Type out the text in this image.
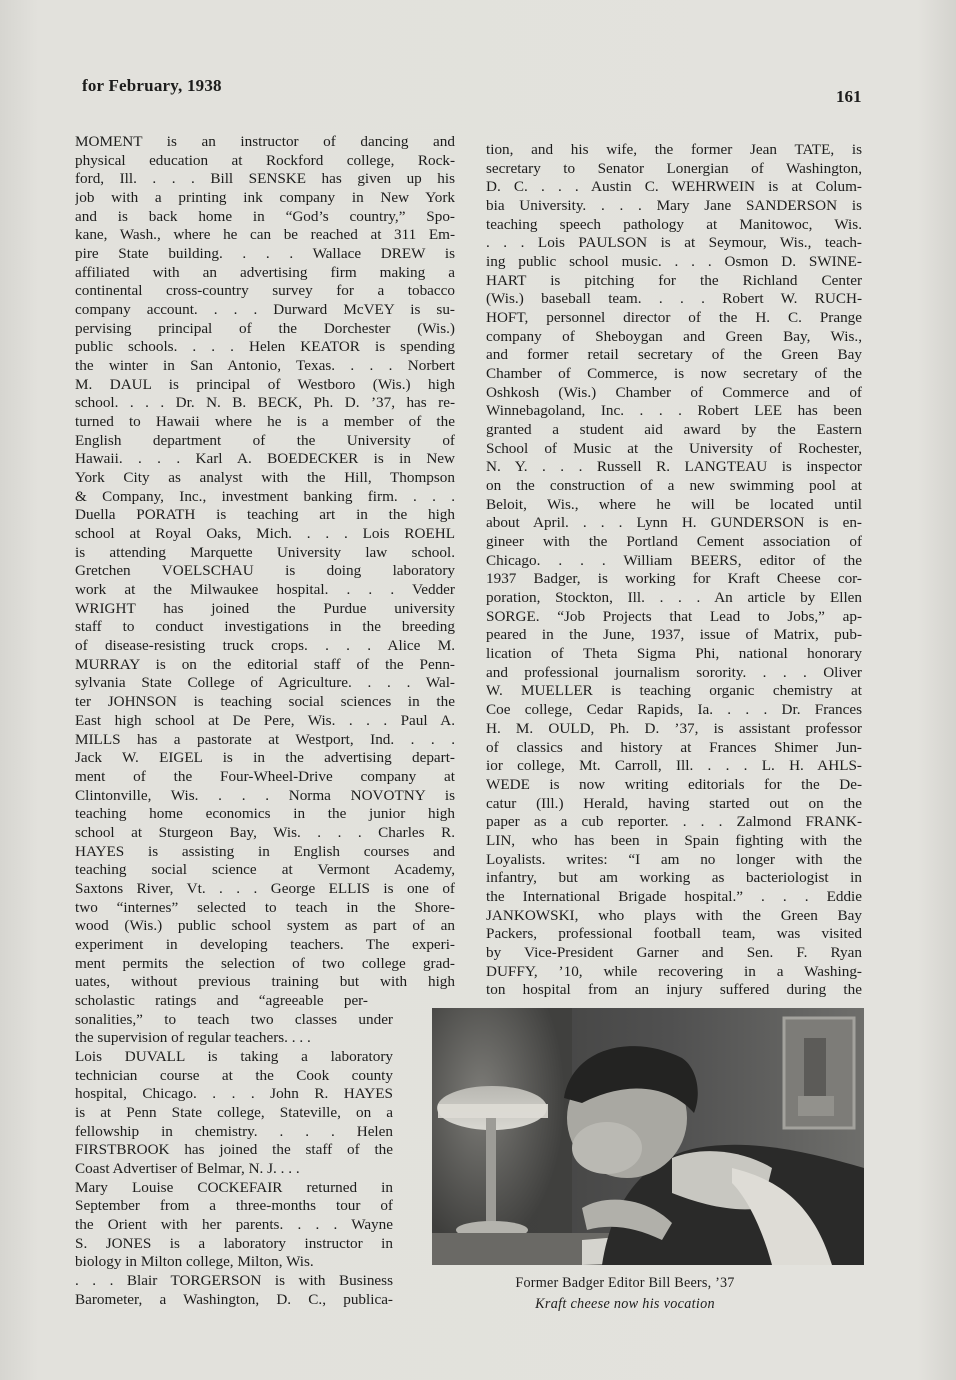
for February, 1938
161
MOMENT is an instructor of dancing and
physical education at Rockford college, Rock-
ford, Ill. . . . Bill SENSKE has given up his
job with a printing ink company in New York
and is back home in “God’s country,” Spo-
kane, Wash., where he can be reached at 311 Em-
pire State building. . . . Wallace DREW is
affiliated with an advertising firm making a
continental cross-country survey for a tobacco
company account. . . . Durward McVEY is su-
pervising principal of the Dorchester (Wis.)
public schools. . . . Helen KEATOR is spending
the winter in San Antonio, Texas. . . . Norbert
M. DAUL is principal of Westboro (Wis.) high
school. . . . Dr. N. B. BECK, Ph. D. ’37, has re-
turned to Hawaii where he is a member of the
English department of the University of
Hawaii. . . . Karl A. BOEDECKER is in New
York City as analyst with the Hill, Thompson
& Company, Inc., investment banking firm. . . .
Duella PORATH is teaching art in the high
school at Royal Oaks, Mich. . . . Lois ROEHL
is attending Marquette University law school.
Gretchen VOELSCHAU is doing laboratory
work at the Milwaukee hospital. . . . Vedder
WRIGHT has joined the Purdue university
staff to conduct investigations in the breeding
of disease-resisting truck crops. . . . Alice M.
MURRAY is on the editorial staff of the Penn-
sylvania State College of Agriculture. . . . Wal-
ter JOHNSON is teaching social sciences in the
East high school at De Pere, Wis. . . . Paul A.
MILLS has a pastorate at Westport, Ind. . . .
Jack W. EIGEL is in the advertising depart-
ment of the Four-Wheel-Drive company at
Clintonville, Wis. . . . Norma NOVOTNY is
teaching home economics in the junior high
school at Sturgeon Bay, Wis. . . . Charles R.
HAYES is assisting in English courses and
teaching social science at Vermont Academy,
Saxtons River, Vt. . . . George ELLIS is one of
two “internes” selected to teach in the Shore-
wood (Wis.) public school system as part of an
experiment in developing teachers. The experi-
ment permits the selection of two college grad-
uates, without previous training but with high
scholastic ratings and “agreeable per-
sonalities,” to teach two classes under
the supervision of regular teachers. . . .
Lois DUVALL is taking a laboratory
technician course at the Cook county
hospital, Chicago. . . . John R. HAYES
is at Penn State college, Stateville, on a
fellowship in chemistry. . . . Helen
FIRSTBROOK has joined the staff of the
Coast Advertiser of Belmar, N. J. . . .
Mary Louise COCKEFAIR returned in
September from a three-months tour of
the Orient with her parents. . . . Wayne
S. JONES is a laboratory instructor in
biology in Milton college, Milton, Wis.
. . . Blair TORGERSON is with Business
Barometer, a Washington, D. C., publica-
tion, and his wife, the former Jean TATE, is
secretary to Senator Lonergian of Washington,
D. C. . . . Austin C. WEHRWEIN is at Colum-
bia University. . . . Mary Jane SANDERSON is
teaching speech pathology at Manitowoc, Wis.
. . . Lois PAULSON is at Seymour, Wis., teach-
ing public school music. . . . Osmon D. SWINE-
HART is pitching for the Richland Center
(Wis.) baseball team. . . . Robert W. RUCH-
HOFT, personnel director of the H. C. Prange
company of Sheboygan and Green Bay, Wis.,
and former retail secretary of the Green Bay
Chamber of Commerce, is now secretary of the
Oshkosh (Wis.) Chamber of Commerce and of
Winnebagoland, Inc. . . . Robert LEE has been
granted a student aid award by the Eastern
School of Music at the University of Rochester,
N. Y. . . . Russell R. LANGTEAU is inspector
on the construction of a new swimming pool at
Beloit, Wis., where he will be located until
about April. . . . Lynn H. GUNDERSON is en-
gineer with the Portland Cement association of
Chicago. . . . William BEERS, editor of the
1937 Badger, is working for Kraft Cheese cor-
poration, Stockton, Ill. . . . An article by Ellen
SORGE. “Job Projects that Lead to Jobs,” ap-
peared in the June, 1937, issue of Matrix, pub-
lication of Theta Sigma Phi, national honorary
and professional journalism sorority. . . . Oliver
W. MUELLER is teaching organic chemistry at
Coe college, Cedar Rapids, Ia. . . . Dr. Frances
H. M. OULD, Ph. D. ’37, is assistant professor
of classics and history at Frances Shimer Jun-
ior college, Mt. Carroll, Ill. . . . L. H. AHLS-
WEDE is now writing editorials for the De-
catur (Ill.) Herald, having started out on the
paper as a cub reporter. . . . Zalmond FRANK-
LIN, who has been in Spain fighting with the
Loyalists. writes: “I am no longer with the
infantry, but am working as bacteriologist in
the International Brigade hospital.” . . . Eddie
JANKOWSKI, who plays with the Green Bay
Packers, professional football team, was visited
by Vice-President Garner and Sen. F. Ryan
DUFFY, ’10, while recovering in a Washing-
ton hospital from an injury suffered during the
Former Badger Editor Bill Beers, ’37
Kraft cheese now his vocation
